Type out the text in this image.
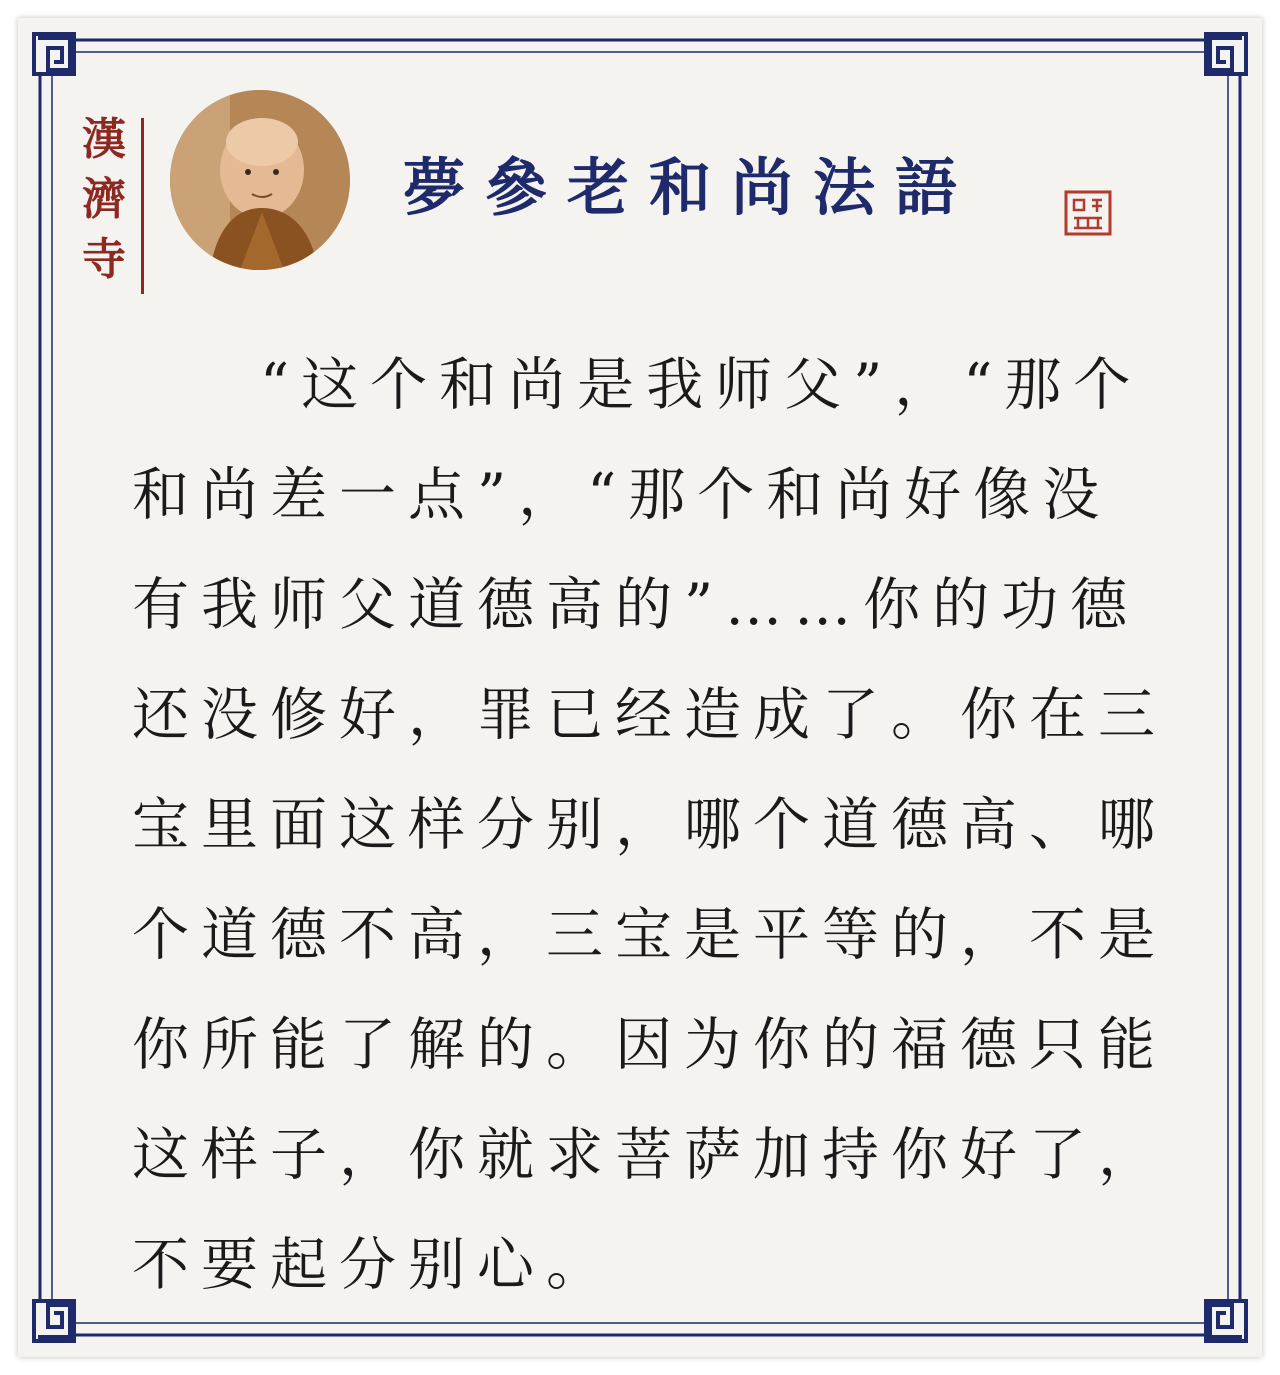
漢
濟
寺
夢參老和尚法語
“这个和尚是我师父”，“那个
和尚差一点”，“那个和尚好像没
有我师父道德高的”……你的功德
还没修好，罪已经造成了。你在三
宝里面这样分别，哪个道德高、哪
个道德不高，三宝是平等的，不是
你所能了解的。因为你的福德只能
这样子，你就求菩萨加持你好了，
不要起分别心。
